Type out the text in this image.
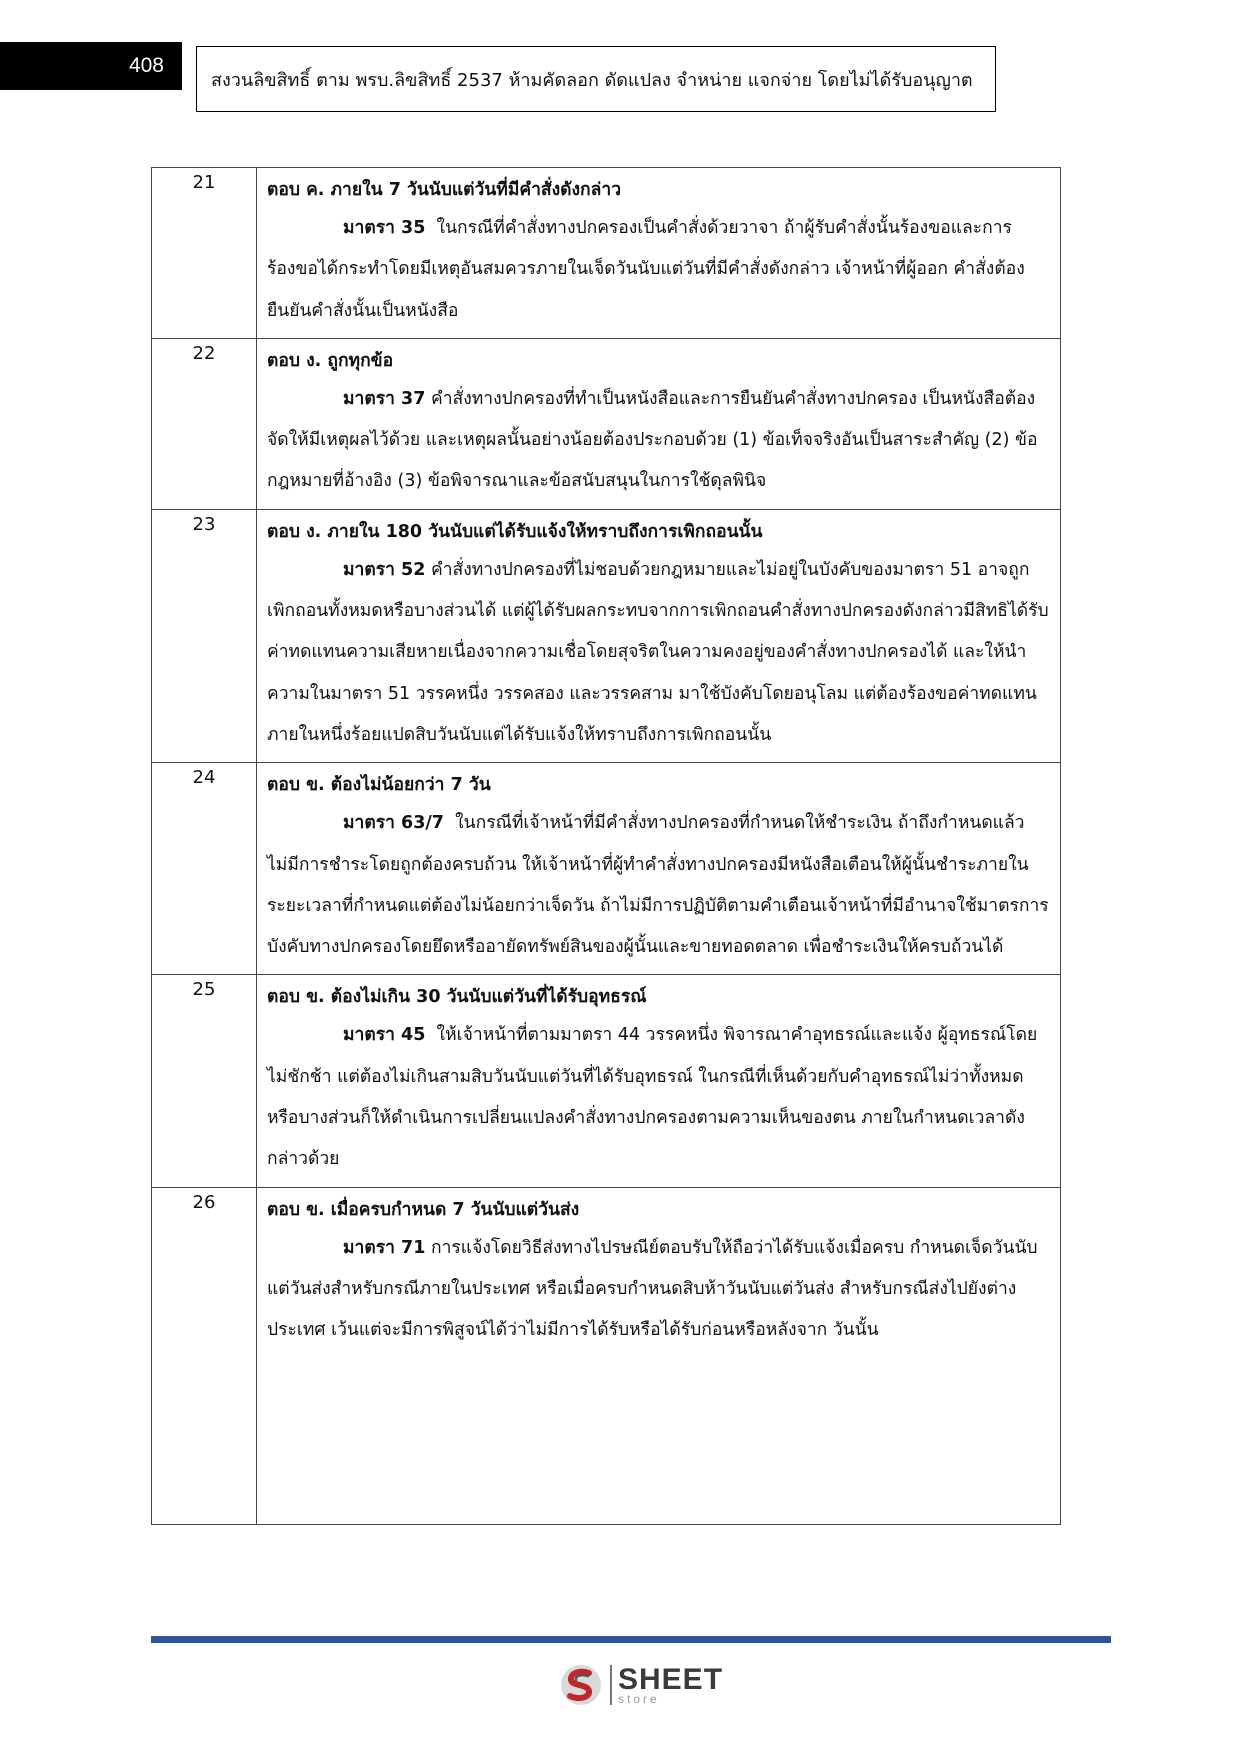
408
สงวนลิขสิทธิ์ ตาม พรบ.ลิขสิทธิ์ 2537 ห้ามคัดลอก ดัดแปลง จำหน่าย แจกจ่าย โดยไม่ได้รับอนุญาต
21	ตอบ ค. ภายใน 7 วันนับแต่วันที่มีคำสั่งดังกล่าว
มาตรา 35 ในกรณีที่คำสั่งทางปกครองเป็นคำสั่งด้วยวาจา ถ้าผู้รับคำสั่งนั้นร้องขอและการร้องขอได้กระทำโดยมีเหตุอันสมควรภายในเจ็ดวันนับแต่วันที่มีคำสั่งดังกล่าว เจ้าหน้าที่ผู้ออก คำสั่งต้องยืนยันคำสั่งนั้นเป็นหนังสือ

22	ตอบ ง. ถูกทุกข้อ
มาตรา 37 คำสั่งทางปกครองที่ทำเป็นหนังสือและการยืนยันคำสั่งทางปกครอง เป็นหนังสือต้องจัดให้มีเหตุผลไว้ด้วย และเหตุผลนั้นอย่างน้อยต้องประกอบด้วย (1) ข้อเท็จจริงอันเป็นสาระสำคัญ (2) ข้อกฎหมายที่อ้างอิง (3) ข้อพิจารณาและข้อสนับสนุนในการใช้ดุลพินิจ

23	ตอบ ง. ภายใน 180 วันนับแต่ได้รับแจ้งให้ทราบถึงการเพิกถอนนั้น
มาตรา 52 คำสั่งทางปกครองที่ไม่ชอบด้วยกฎหมายและไม่อยู่ในบังคับของมาตรา 51 อาจถูกเพิกถอนทั้งหมดหรือบางส่วนได้ แต่ผู้ได้รับผลกระทบจากการเพิกถอนคำสั่งทางปกครองดังกล่าวมีสิทธิได้รับค่าทดแทนความเสียหายเนื่องจากความเชื่อโดยสุจริตในความคงอยู่ของคำสั่งทางปกครองได้ และให้นำความในมาตรา 51 วรรคหนึ่ง วรรคสอง และวรรคสาม มาใช้บังคับโดยอนุโลม แต่ต้องร้องขอค่าทดแทนภายในหนึ่งร้อยแปดสิบวันนับแต่ได้รับแจ้งให้ทราบถึงการเพิกถอนนั้น

24	ตอบ ข. ต้องไม่น้อยกว่า 7 วัน
มาตรา 63/7 ในกรณีที่เจ้าหน้าที่มีคำสั่งทางปกครองที่กำหนดให้ชำระเงิน ถ้าถึงกำหนดแล้วไม่มีการชำระโดยถูกต้องครบถ้วน ให้เจ้าหน้าที่ผู้ทำคำสั่งทางปกครองมีหนังสือเตือนให้ผู้นั้นชำระภายในระยะเวลาที่กำหนดแต่ต้องไม่น้อยกว่าเจ็ดวัน ถ้าไม่มีการปฏิบัติตามคำเตือนเจ้าหน้าที่มีอำนาจใช้มาตรการบังคับทางปกครองโดยยึดหรืออายัดทรัพย์สินของผู้นั้นและขายทอดตลาด เพื่อชำระเงินให้ครบถ้วนได้

25	ตอบ ข. ต้องไม่เกิน 30 วันนับแต่วันที่ได้รับอุทธรณ์
มาตรา 45 ให้เจ้าหน้าที่ตามมาตรา 44 วรรคหนึ่ง พิจารณาคำอุทธรณ์และแจ้ง ผู้อุทธรณ์โดยไม่ชักช้า แต่ต้องไม่เกินสามสิบวันนับแต่วันที่ได้รับอุทธรณ์ ในกรณีที่เห็นด้วยกับคำอุทธรณ์ไม่ว่าทั้งหมดหรือบางส่วนก็ให้ดำเนินการเปลี่ยนแปลงคำสั่งทางปกครองตามความเห็นของตน ภายในกำหนดเวลาดังกล่าวด้วย

26	ตอบ ข. เมื่อครบกำหนด 7 วันนับแต่วันส่ง
มาตรา 71 การแจ้งโดยวิธีส่งทางไปรษณีย์ตอบรับให้ถือว่าได้รับแจ้งเมื่อครบ กำหนดเจ็ดวันนับแต่วันส่งสำหรับกรณีภายในประเทศ หรือเมื่อครบกำหนดสิบห้าวันนับแต่วันส่ง สำหรับกรณีส่งไปยังต่างประเทศ เว้นแต่จะมีการพิสูจน์ได้ว่าไม่มีการได้รับหรือได้รับก่อนหรือหลังจาก วันนั้น
SHEET
store
